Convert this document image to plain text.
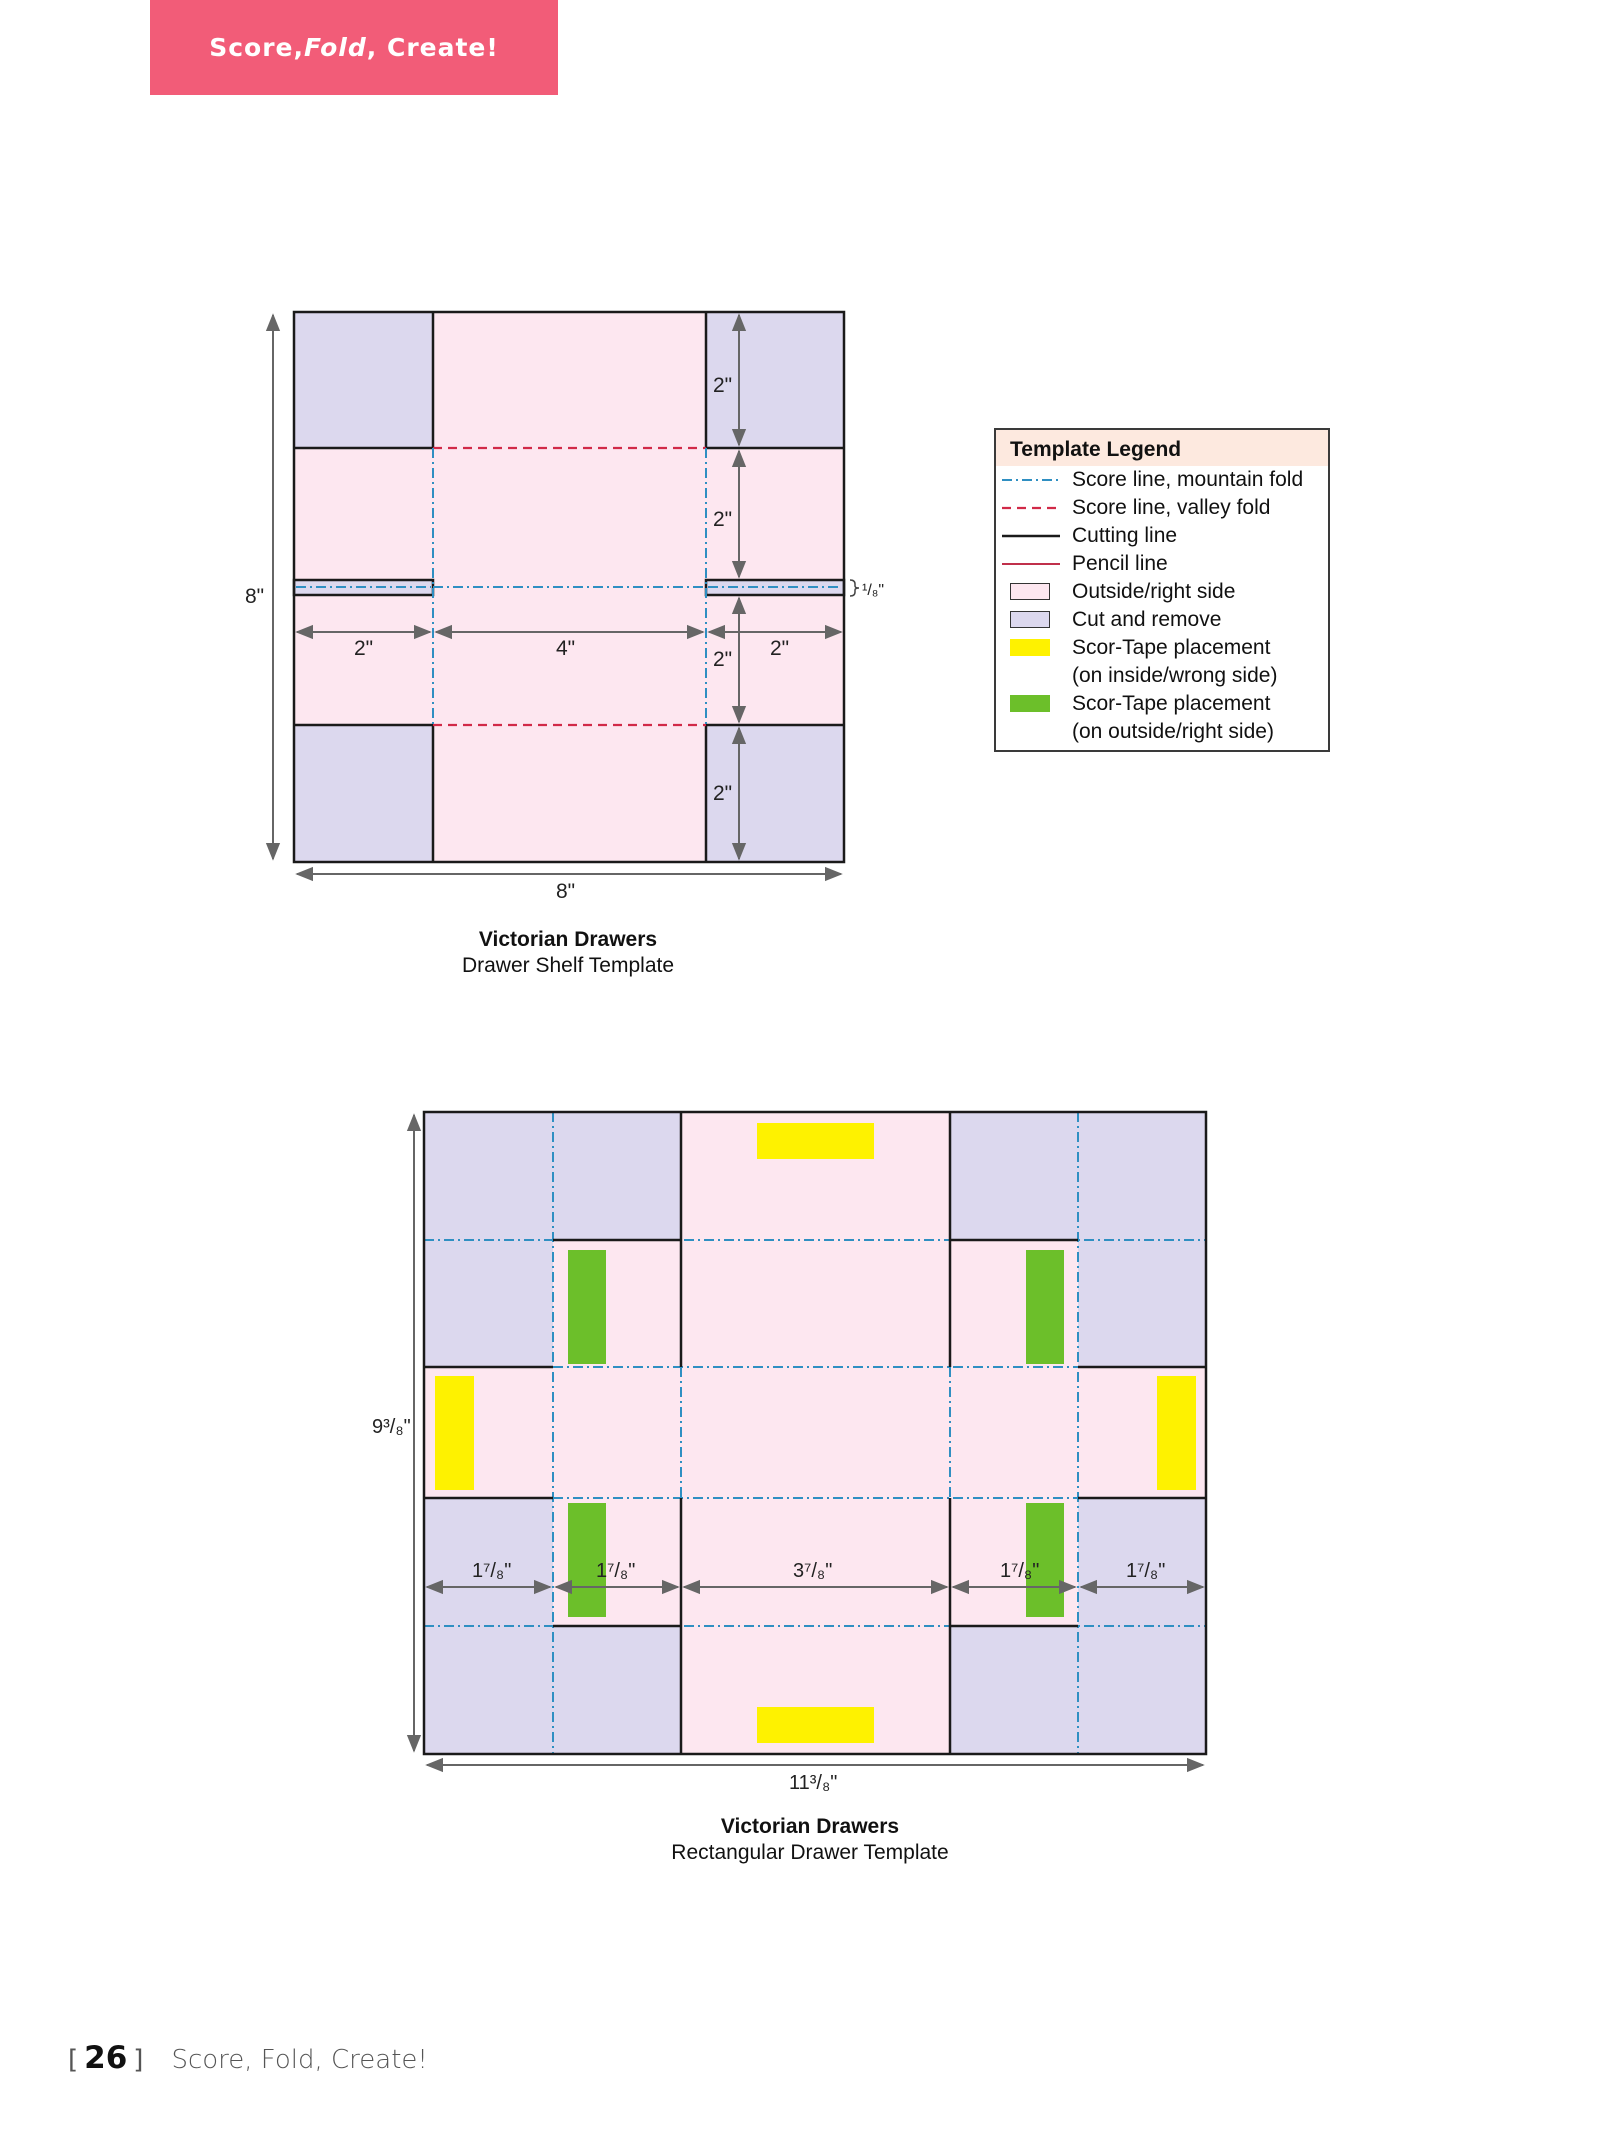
Score, Fold , Create!
8"
8"
2"
2"
2"
2"
2"	4"	2"
¹/₈"
9³/₈"
11³/₈"
1⁷/₈"	1⁷/₈"	3⁷/₈"	1⁷/₈"	1⁷/₈"
Victorian Drawers
Drawer Shelf Template
Victorian Drawers
Rectangular Drawer Template
Template Legend
Score line, mountain fold
Score line, valley fold
Cutting line
Pencil line
Outside/right side
Cut and remove
Scor-Tape placement
(on inside/wrong side)
Scor-Tape placement
(on outside/right side)
[ 26 ] Score, Fold, Create!
